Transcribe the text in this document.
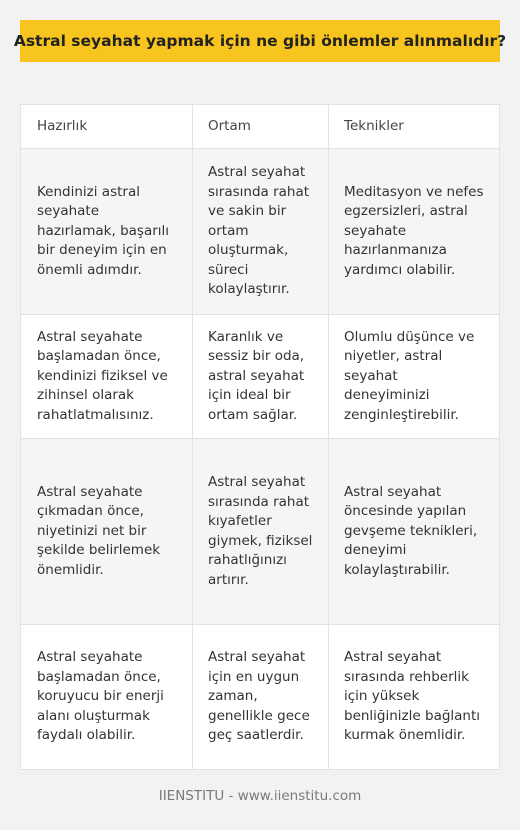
Astral seyahat yapmak için ne gibi önlemler alınmalıdır?
Hazırlık	Ortam	Teknikler
Kendinizi astral seyahate hazırlamak, başarılı bir deneyim için en önemli adımdır.
Astral seyahat sırasında rahat ve sakin bir ortam oluşturmak, süreci kolaylaştırır.
Meditasyon ve nefes egzersizleri, astral seyahate hazırlanmanıza yardımcı olabilir.
Astral seyahate başlamadan önce, kendinizi fiziksel ve zihinsel olarak rahatlatmalısınız.
Karanlık ve sessiz bir oda, astral seyahat için ideal bir ortam sağlar.
Olumlu düşünce ve niyetler, astral seyahat deneyiminizi zenginleştirebilir.
Astral seyahate çıkmadan önce, niyetinizi net bir şekilde belirlemek önemlidir.
Astral seyahat sırasında rahat kıyafetler giymek, fiziksel rahatlığınızı artırır.
Astral seyahat öncesinde yapılan gevşeme teknikleri, deneyimi kolaylaştırabilir.
Astral seyahate başlamadan önce, koruyucu bir enerji alanı oluşturmak faydalı olabilir.
Astral seyahat için en uygun zaman, genellikle gece geç saatlerdir.
Astral seyahat sırasında rehberlik için yüksek benliğinizle bağlantı kurmak önemlidir.
IIENSTITU - www.iienstitu.com
